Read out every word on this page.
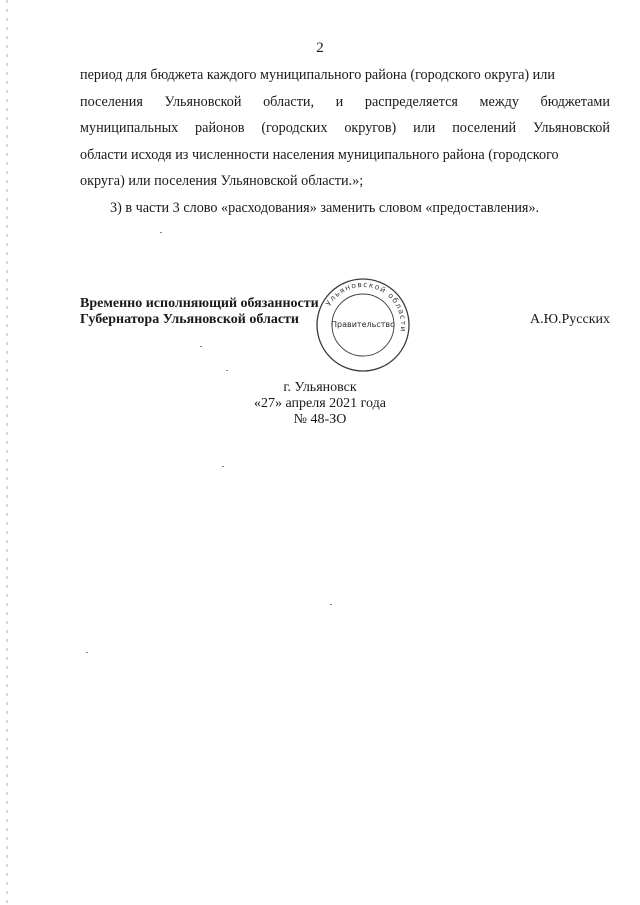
2
период для бюджета каждого муниципального района (городского округа) или
поселения Ульяновской области, и распределяется между бюджетами
муниципальных районов (городских округов) или поселений Ульяновской
области исходя из численности населения муниципального района (городского
округа) или поселения Ульяновской области.»;
3) в части 3 слово «расходования» заменить словом «предоставления».
Временно исполняющий обязанности
Губернатора Ульяновской области	А.Ю.Русских
Ульяновской области
Правительство
г. Ульяновск
«27» апреля 2021 года
№ 48-ЗО
